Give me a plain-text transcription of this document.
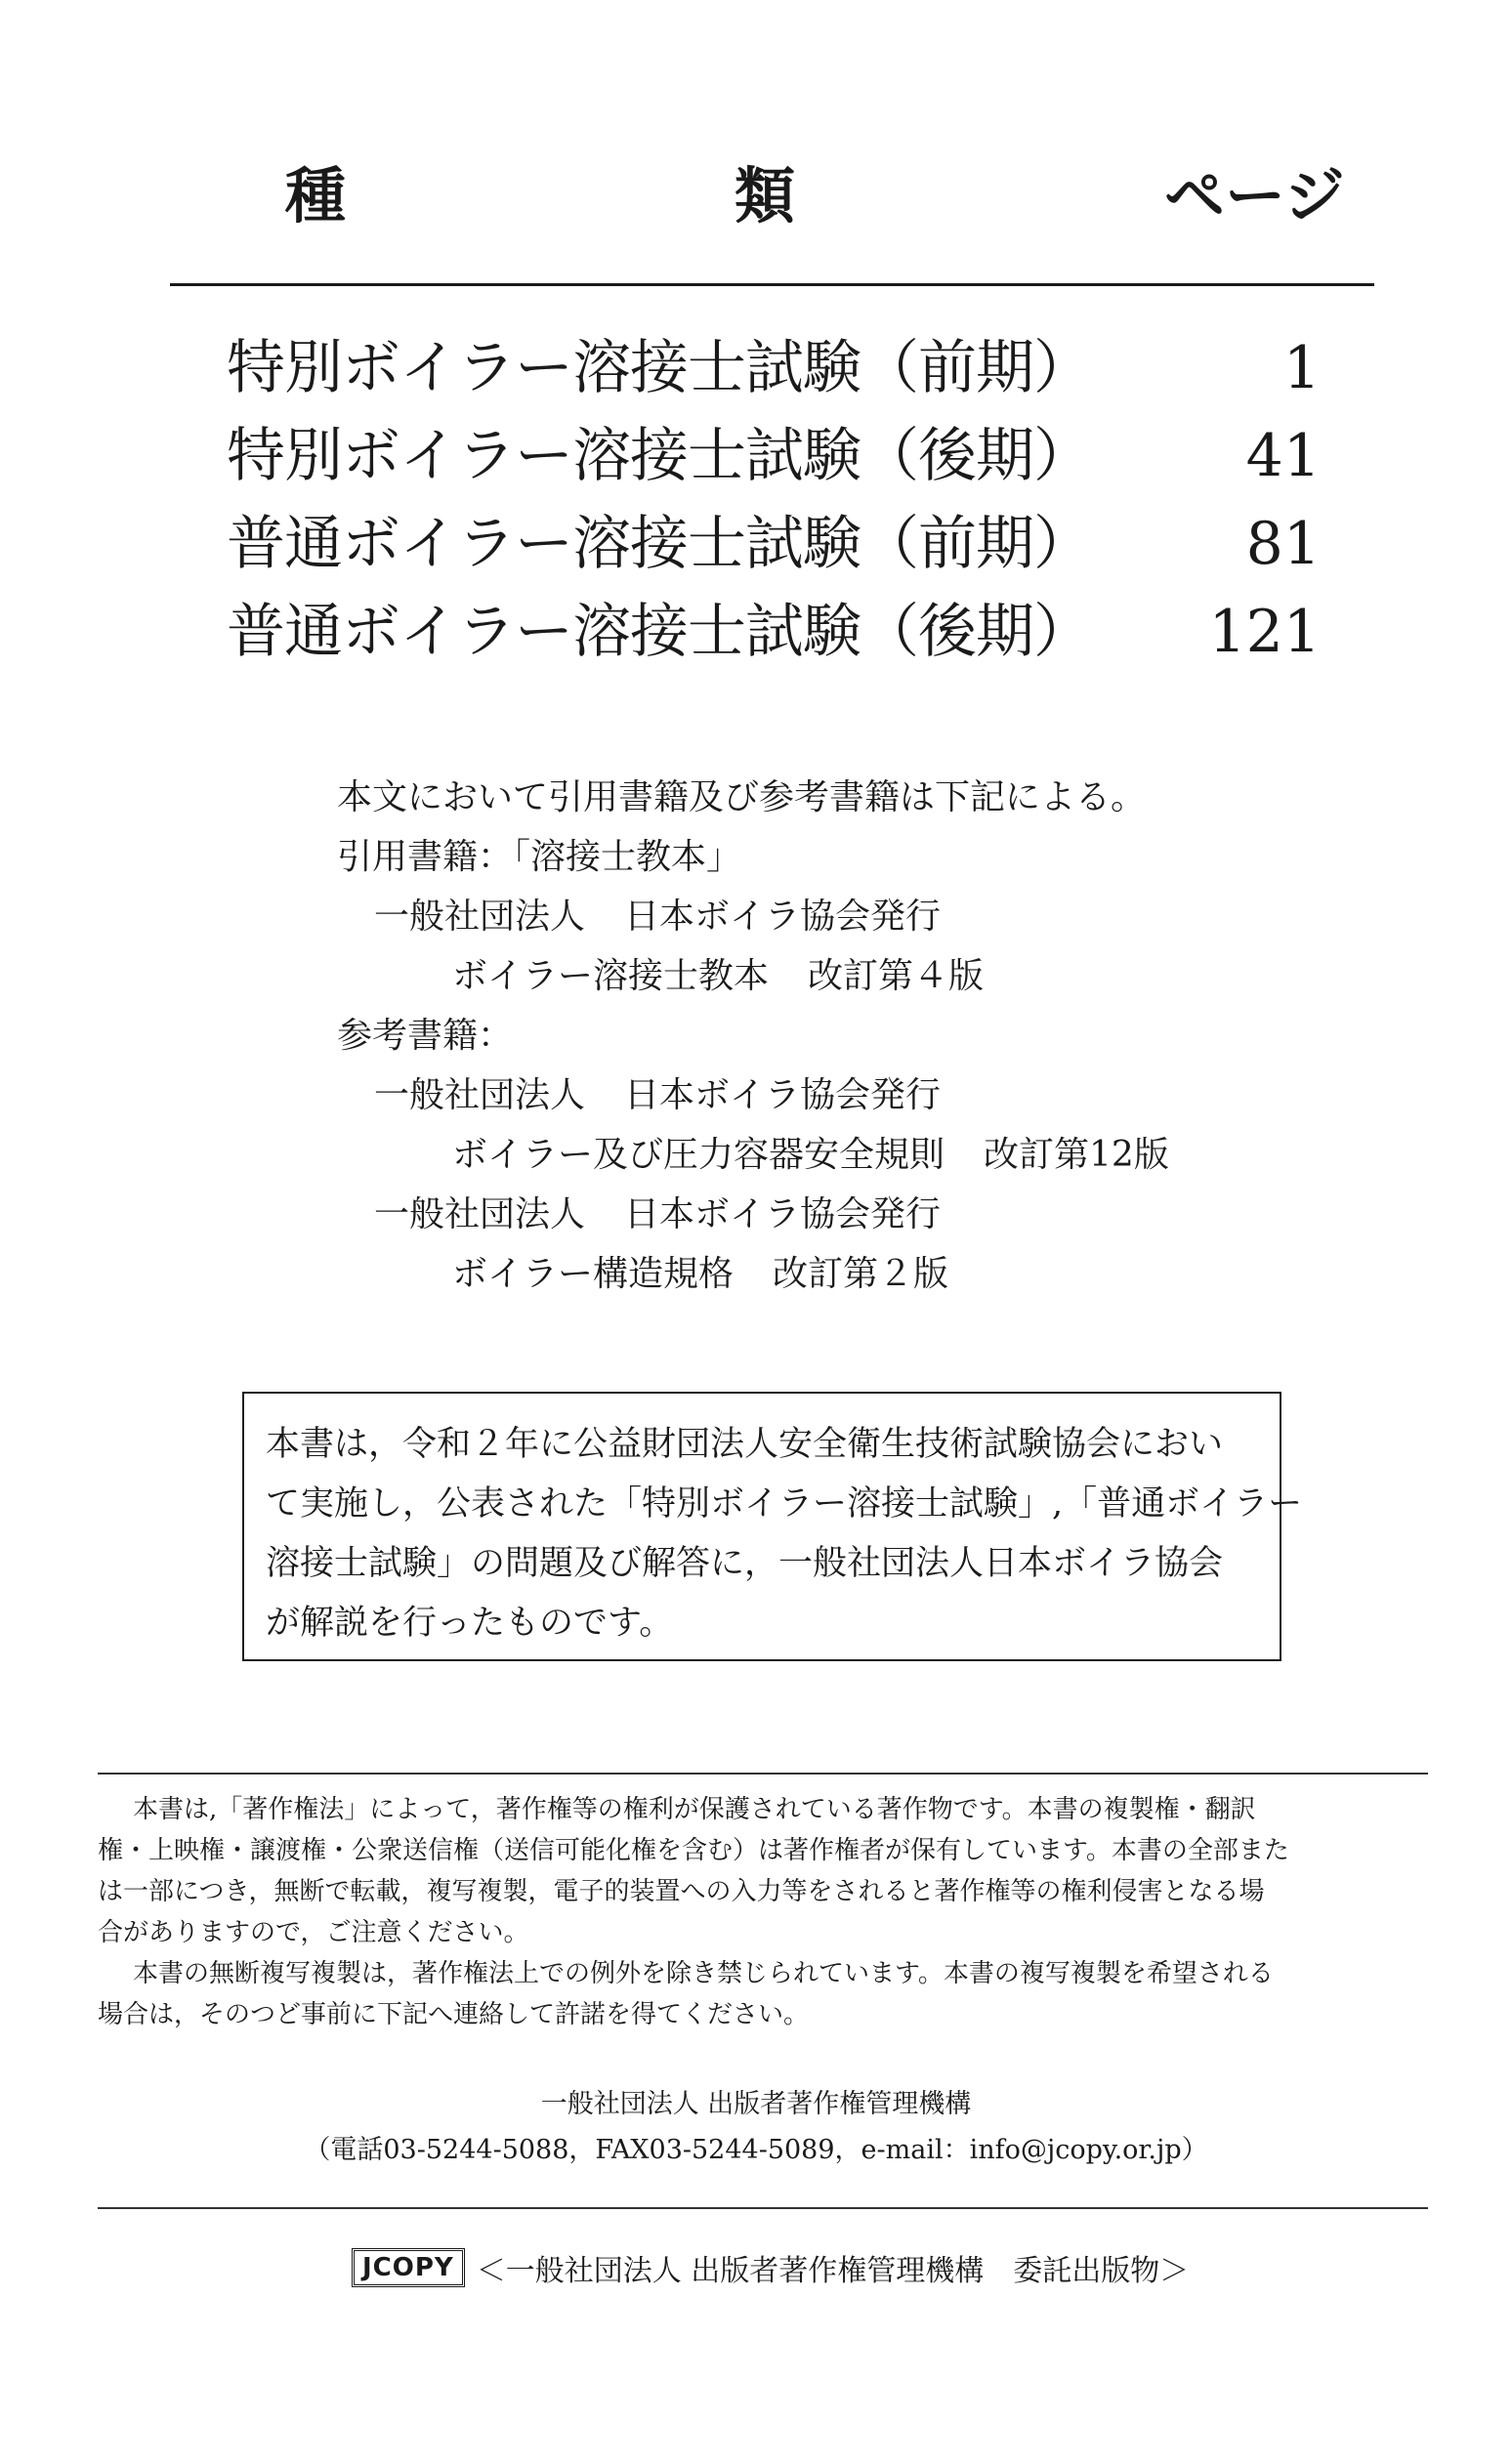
種	類	ページ
特別ボイラー溶接士試験（前期）	1
特別ボイラー溶接士試験（後期）	41
普通ボイラー溶接士試験（前期）	81
普通ボイラー溶接士試験（後期） 121
本文において引用書籍及び参考書籍は下記による。
引用書籍：「溶接士教本」
一般社団法人 日本ボイラ協会発行
ボイラー溶接士教本 改訂第４版
参考書籍：
一般社団法人 日本ボイラ協会発行
ボイラー及び圧力容器安全規則 改訂第12版
一般社団法人 日本ボイラ協会発行
ボイラー構造規格 改訂第２版
本書は，令和２年に公益財団法人安全衛生技術試験協会におい
て実施し，公表された「特別ボイラー溶接士試験」,「普通ボイラー
溶接士試験」の問題及び解答に，一般社団法人日本ボイラ協会
が解説を行ったものです。
本書は,「著作権法」によって，著作権等の権利が保護されている著作物です。本書の複製権・翻訳
権・上映権・譲渡権・公衆送信権（送信可能化権を含む）は著作権者が保有しています。本書の全部また
は一部につき，無断で転載，複写複製，電子的装置への入力等をされると著作権等の権利侵害となる場
合がありますので，ご注意ください。
本書の無断複写複製は，著作権法上での例外を除き禁じられています。本書の複写複製を希望される
場合は，そのつど事前に下記へ連絡して許諾を得てください。
一般社団法人 出版者著作権管理機構
（電話03-5244-5088，FAX03-5244-5089，e-mail：info@jcopy.or.jp）
JCOPY ＜一般社団法人 出版者著作権管理機構　委託出版物＞
